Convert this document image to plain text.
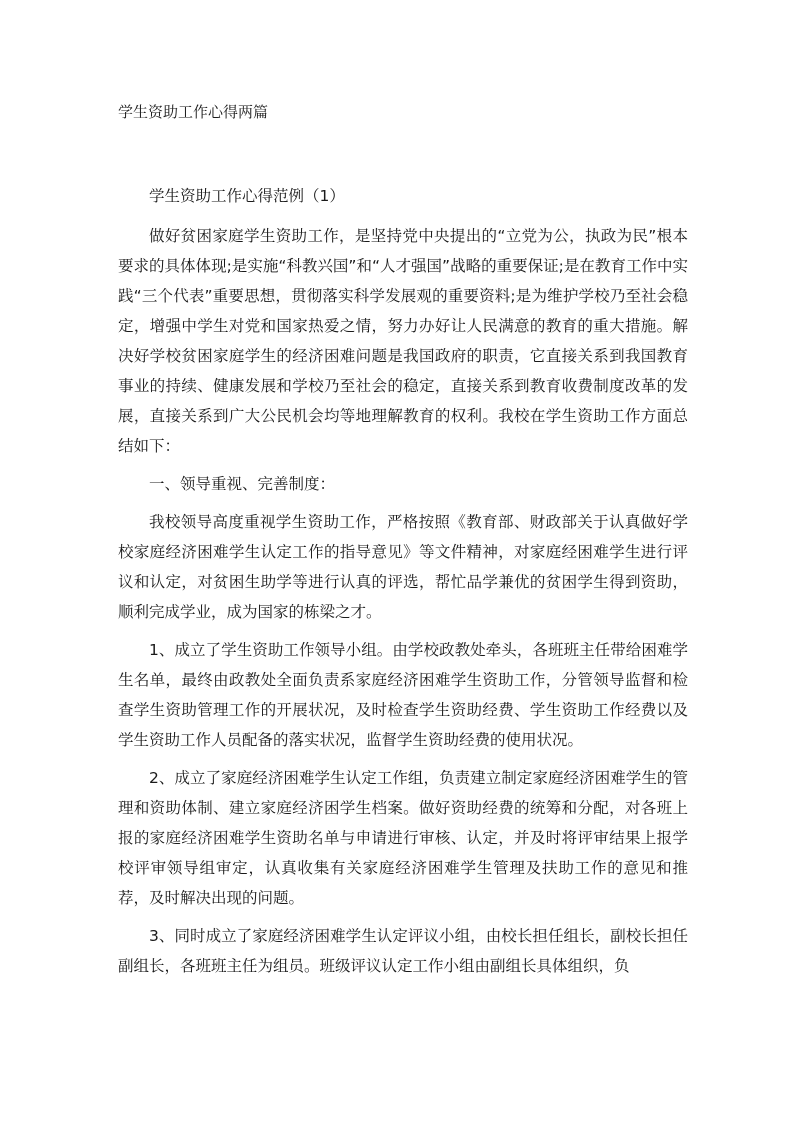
学生资助工作心得两篇

学生资助工作心得范例（1）

做好贫困家庭学生资助工作，是坚持党中央提出的“立党为公，执政为民”根本要求的具体体现;是实施“科教兴国”和“人才强国”战略的重要保证;是在教育工作中实践“三个代表”重要思想，贯彻落实科学发展观的重要资料;是为维护学校乃至社会稳定，增强中学生对党和国家热爱之情，努力办好让人民满意的教育的重大措施。解决好学校贫困家庭学生的经济困难问题是我国政府的职责，它直接关系到我国教育事业的持续、健康发展和学校乃至社会的稳定，直接关系到教育收费制度改革的发展，直接关系到广大公民机会均等地理解教育的权利。我校在学生资助工作方面总结如下：

一、领导重视、完善制度：

我校领导高度重视学生资助工作，严格按照《教育部、财政部关于认真做好学校家庭经济困难学生认定工作的指导意见》等文件精神，对家庭经困难学生进行评议和认定，对贫困生助学等进行认真的评选，帮忙品学兼优的贫困学生得到资助，顺利完成学业，成为国家的栋梁之才。

1、成立了学生资助工作领导小组。由学校政教处牵头，各班班主任带给困难学生名单，最终由政教处全面负责系家庭经济困难学生资助工作，分管领导监督和检查学生资助管理工作的开展状况，及时检查学生资助经费、学生资助工作经费以及学生资助工作人员配备的落实状况，监督学生资助经费的使用状况。

2、成立了家庭经济困难学生认定工作组，负责建立制定家庭经济困难学生的管理和资助体制、建立家庭经济困学生档案。做好资助经费的统筹和分配，对各班上报的家庭经济困难学生资助名单与申请进行审核、认定，并及时将评审结果上报学校评审领导组审定，认真收集有关家庭经济困难学生管理及扶助工作的意见和推荐，及时解决出现的问题。

3、同时成立了家庭经济困难学生认定评议小组，由校长担任组长，副校长担任副组长，各班班主任为组员。班级评议认定工作小组由副组长具体组织，负
